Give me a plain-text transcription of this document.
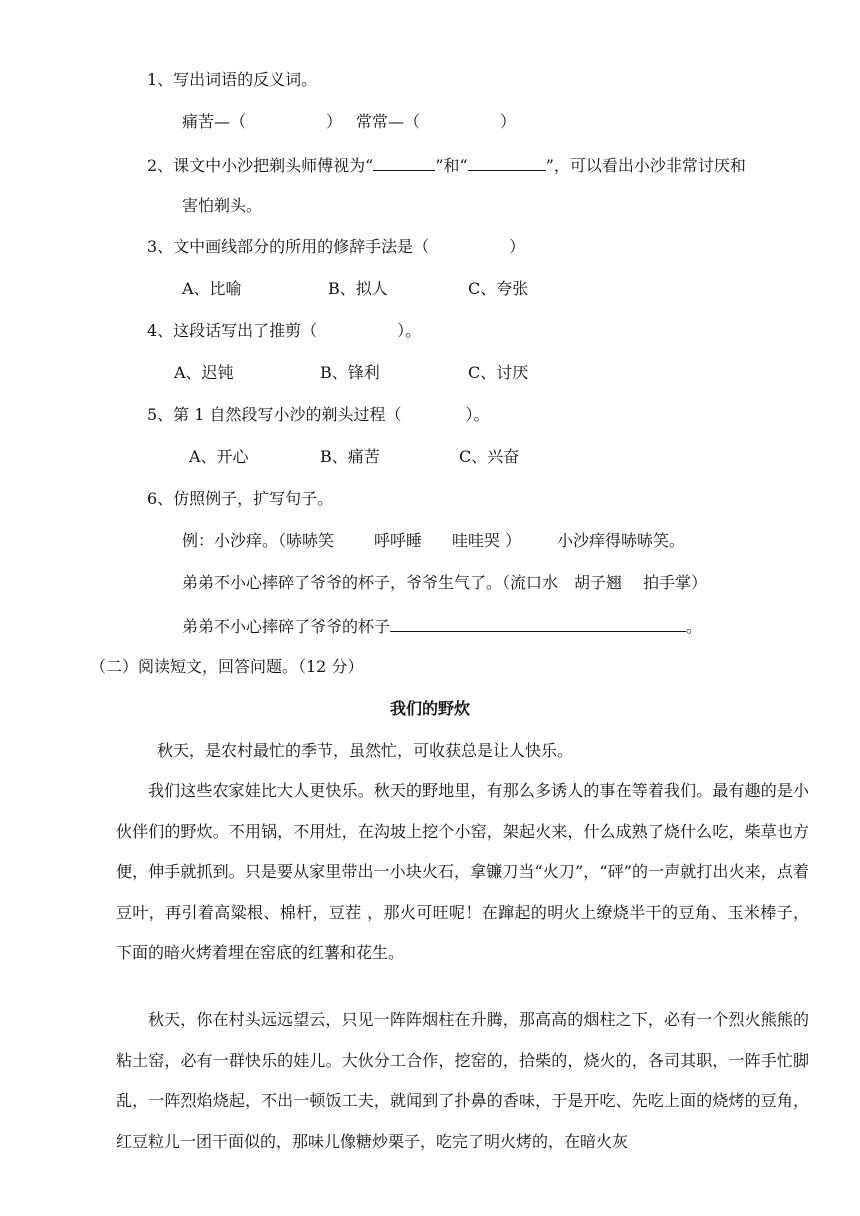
1、写出词语的反义词。
痛苦—（　　　　　） 常常—（　　　　　）
2、课文中小沙把剃头师傅视为“	”和“	”，可以看出小沙非常讨厌和
害怕剃头。
3、文中画线部分的所用的修辞手法是（　　　　　）
A、比喻	B、拟人	C、夸张
4、这段话写出了推剪（　　　　　）。
A、迟钝	B、锋利	C、讨厌
5、第 1 自然段写小沙的剃头过程（　　　　）。
A、开心	B、痛苦	C、兴奋
6、仿照例子，扩写句子。
例：小沙痒。（哧哧笑 呼呼睡 哇哇哭 ） 小沙痒得哧哧笑。
弟弟不小心摔碎了爷爷的杯子，爷爷生气了。（流口水　胡子翘　 拍手掌）
弟弟不小心摔碎了爷爷的杯子	。
（二）阅读短文，回答问题。（12 分）
我们的野炊
秋天，是农村最忙的季节，虽然忙，可收获总是让人快乐。
我们这些农家娃比大人更快乐。秋天的野地里，有那么多诱人的事在等着我们。最有趣的是小伙伴们的野炊。不用锅，不用灶，在沟坡上挖个小窑，架起火来，什么成熟了烧什么吃，柴草也方便，伸手就抓到。只是要从家里带出一小块火石，拿镰刀当“火刀”，“砰”的一声就打出火来，点着豆叶，再引着高粱根、棉杆，豆茬 ，那火可旺呢！在蹿起的明火上缭烧半干的豆角、玉米棒子，下面的暗火烤着埋在窑底的红薯和花生。
秋天，你在村头远远望云，只见一阵阵烟柱在升腾，那高高的烟柱之下，必有一个烈火熊熊的粘土窑，必有一群快乐的娃儿。大伙分工合作，挖窑的，拾柴的，烧火的，各司其职，一阵手忙脚乱，一阵烈焰烧起，不出一顿饭工夫，就闻到了扑鼻的香味，于是开吃、先吃上面的烧烤的豆角，红豆粒儿一团干面似的，那味儿像糖炒栗子，吃完了明火烤的，在暗火灰
